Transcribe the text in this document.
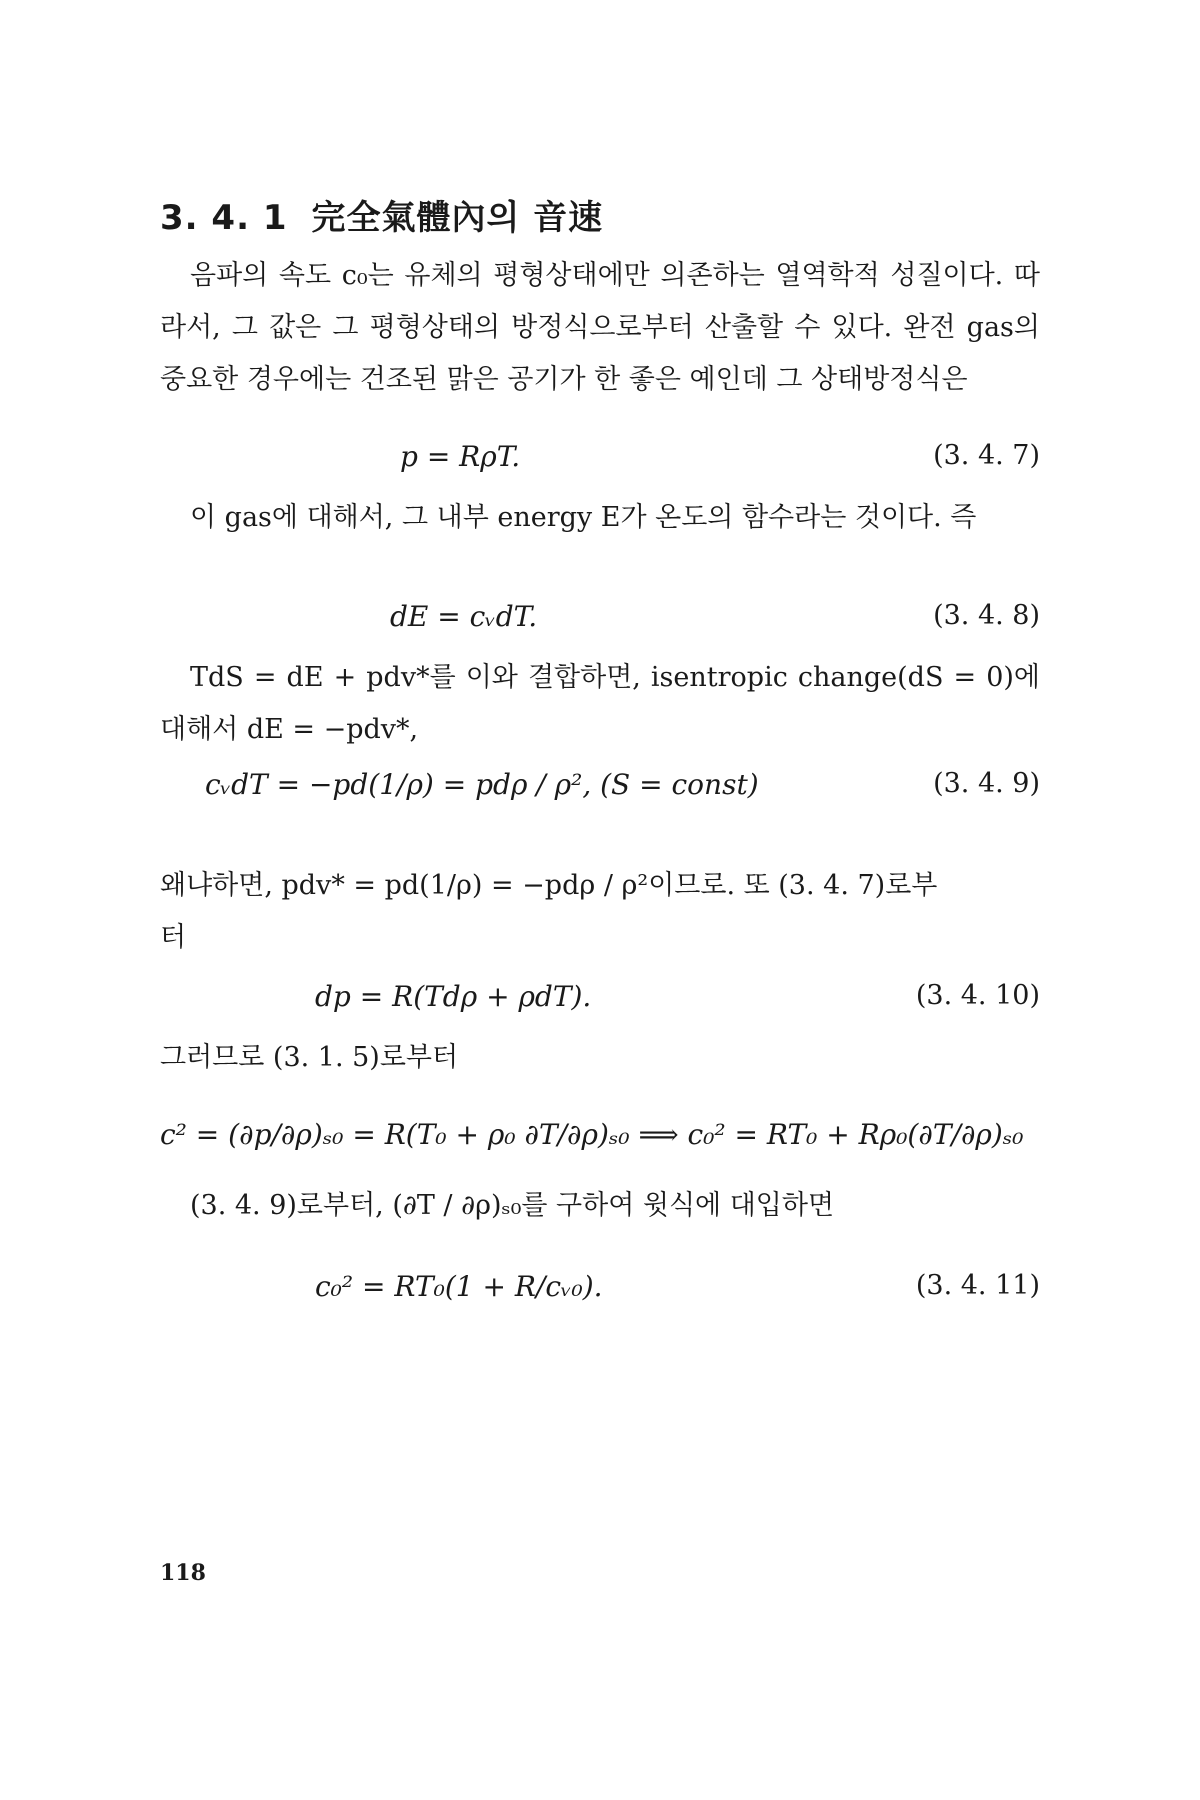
3. 4. 1 完全氣體內의 音速
음파의 속도 c₀는 유체의 평형상태에만 의존하는 열역학적 성질이다. 따라서, 그 값은 그 평형상태의 방정식으로부터 산출할 수 있다. 완전 gas의 중요한 경우에는 건조된 맑은 공기가 한 좋은 예인데 그 상태방정식은
p = RρT.	(3. 4. 7)
이 gas에 대해서, 그 내부 energy E가 온도의 함수라는 것이다. 즉
dE = cᵥdT.	(3. 4. 8)
TdS = dE + pdv*를 이와 결합하면, isentropic change(dS = 0)에 대해서 dE = −pdv*,
cᵥdT = −pd(1/ρ) = pdρ / ρ², (S = const)	(3. 4. 9)
왜냐하면, pdv* = pd(1/ρ) = −pdρ / ρ²이므로. 또 (3. 4. 7)로부
터
dp = R(Tdρ + ρdT).	(3. 4. 10)
그러므로 (3. 1. 5)로부터
c² = (∂p/∂ρ)ₛ₀ = R(T₀ + ρ₀ ∂T/∂ρ)ₛ₀ ⟹ c₀² = RT₀ + Rρ₀(∂T/∂ρ)ₛ₀
(3. 4. 9)로부터, (∂T / ∂ρ)ₛ₀를 구하여 윗식에 대입하면
c₀² = RT₀(1 + R/cᵥ₀).	(3. 4. 11)
118
